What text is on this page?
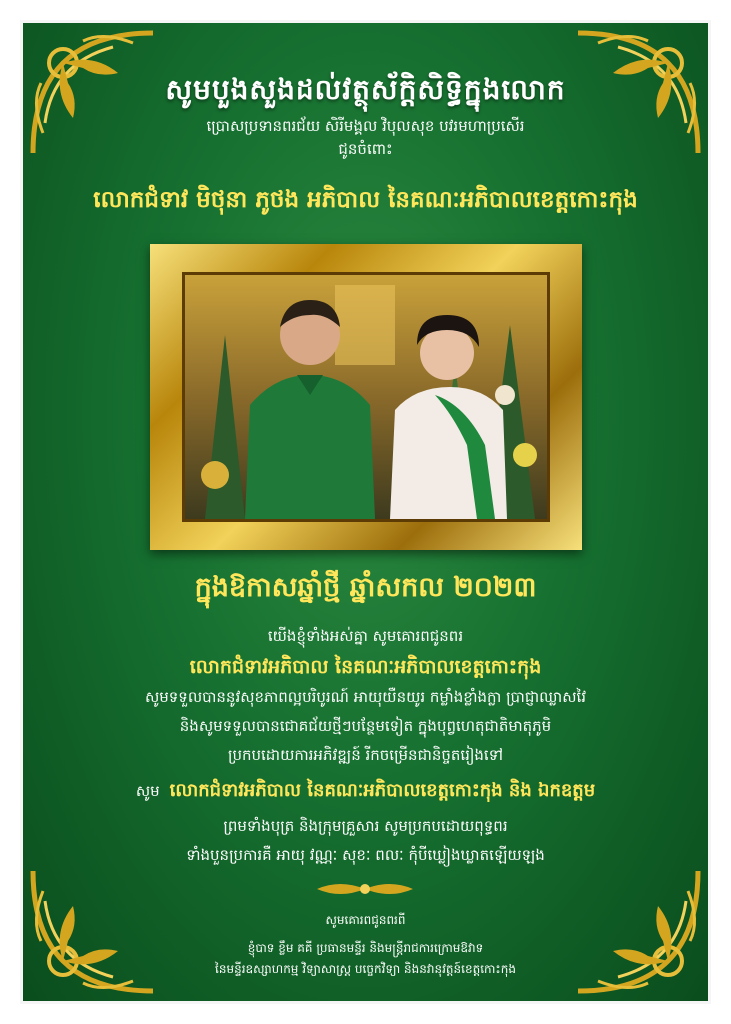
សូមបួងសួងដល់វត្ថុស័ក្តិសិទ្ធិក្នុងលោក
ប្រោសប្រទានពរជ័យ សិរីមង្គល វិបុលសុខ បវរមហាប្រសើរ
ជូនចំពោះ
លោកជំទាវ មិថុនា ភូថង អភិបាល នៃគណៈអភិបាលខេត្តកោះកុង
ក្នុងឱកាសឆ្នាំថ្មី ឆ្នាំសកល ២០២៣
យើងខ្ញុំទាំងអស់គ្នា សូមគោរពជូនពរ
លោកជំទាវអភិបាល នៃគណៈអភិបាលខេត្តកោះកុង
សូមទទួលបាននូវសុខភាពល្អបរិបូរណ៍ អាយុយឺនយូរ កម្លាំងខ្លាំងក្លា ប្រាជ្ញាឈ្លាសវៃ
និងសូមទទួលបានជោគជ័យថ្មីៗបន្ថែមទៀត ក្នុងបុព្វហេតុជាតិមាតុភូមិ
ប្រកបដោយការអភិវឌ្ឍន៍ រីកចម្រើនជានិច្ចតរៀងទៅ
សូម លោកជំទាវអភិបាល នៃគណៈអភិបាលខេត្តកោះកុង និង ឯកឧត្តម
ព្រមទាំងបុត្រ និងក្រុមគ្រួសារ សូមប្រកបដោយពុទ្ធពរ
ទាំងបួនប្រការគឺ អាយុ វណ្ណៈ សុខៈ ពលៈ កុំបីឃ្លៀងឃ្លាតឡើយឡង
សូមគោរពជូនពរពី
ខ្ញុំបាទ ខ្លឹម គគី ប្រធានមន្ទីរ និងមន្ត្រីរាជការក្រោមឱវាទ
នៃមន្ទីរឧស្សាហកម្ម វិទ្យាសាស្ត្រ បច្ចេកវិទ្យា និងនវានុវត្តន៍ខេត្តកោះកុង
